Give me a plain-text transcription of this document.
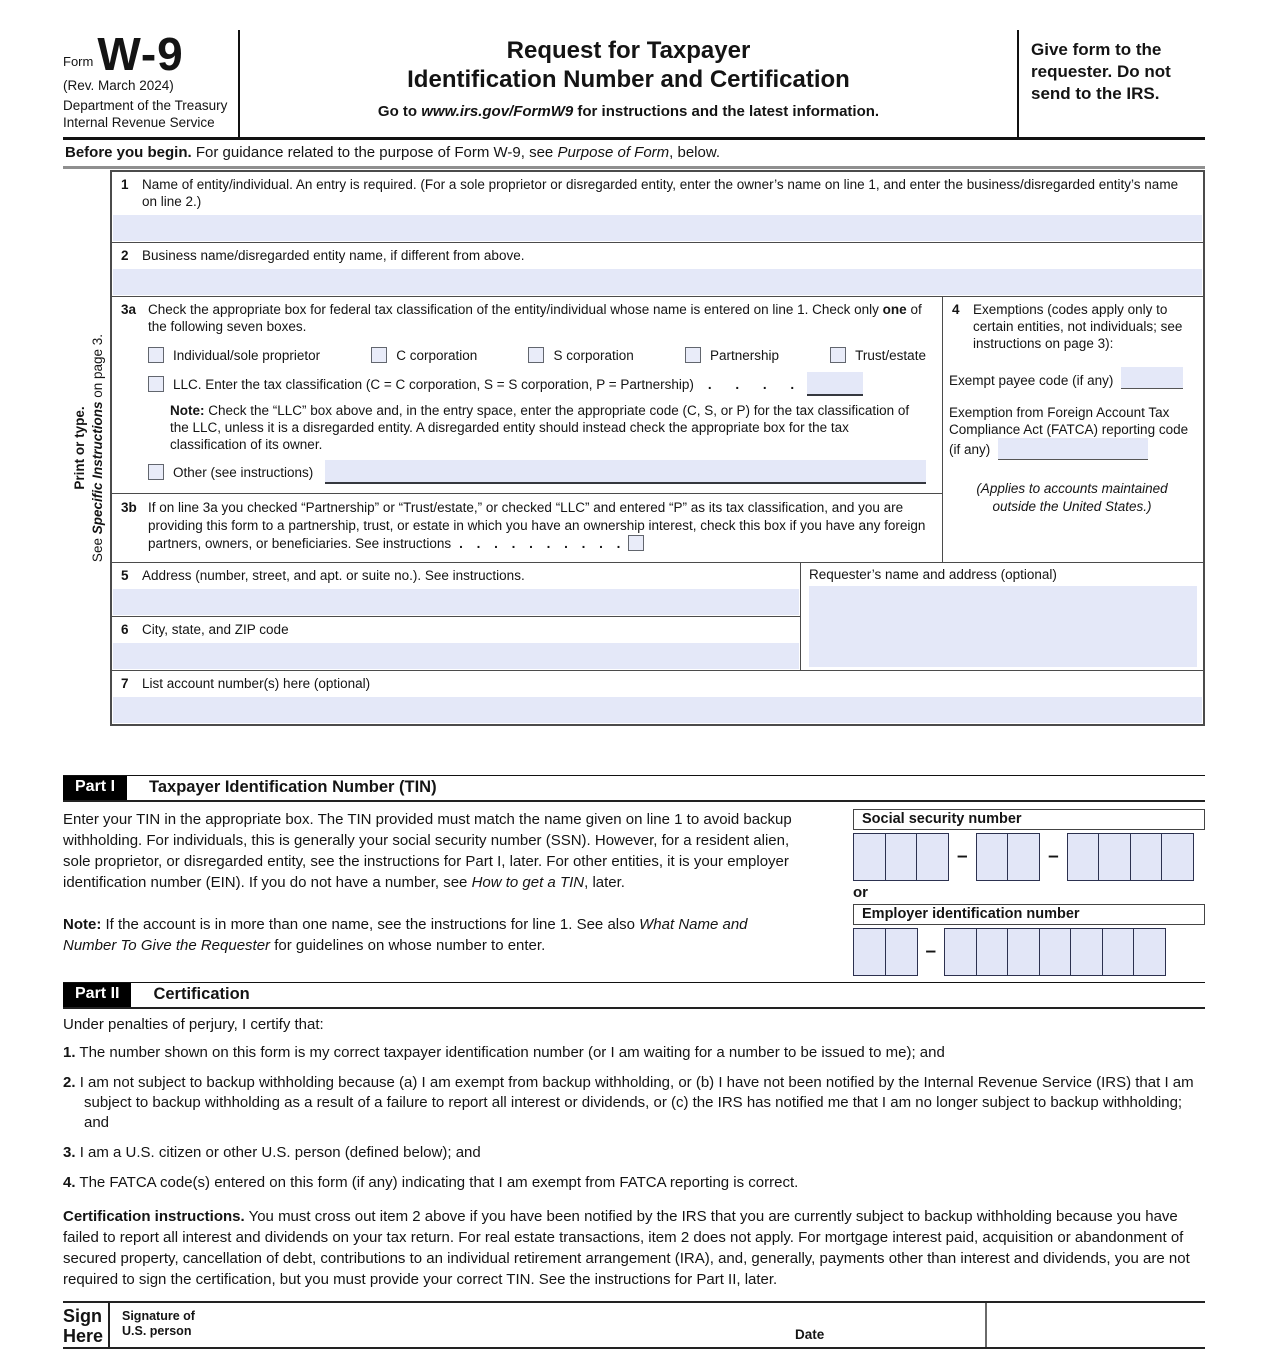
Form W-9
(Rev. March 2024)
Department of the Treasury
Internal Revenue Service
Request for Taxpayer
Identification Number and Certification
Go to www.irs.gov/FormW9 for instructions and the latest information.
Give form to the requester. Do not send to the IRS.
Before you begin. For guidance related to the purpose of Form W-9, see Purpose of Form, below.
Print or type.
See Specific Instructions on page 3.
1 Name of entity/individual. An entry is required. (For a sole proprietor or disregarded entity, enter the owner’s name on line 1, and enter the business/disregarded entity’s name on line 2.)
2 Business name/disregarded entity name, if different from above.
3a Check the appropriate box for federal tax classification of the entity/individual whose name is entered on line 1. Check only one of the following seven boxes.
Individual/sole proprietor	C corporation	S corporation	Partnership	Trust/estate
LLC. Enter the tax classification (C = C corporation, S = S corporation, P = Partnership) . . . .
Note: Check the “LLC” box above and, in the entry space, enter the appropriate code (C, S, or P) for the tax classification of the LLC, unless it is a disregarded entity. A disregarded entity should instead check the appropriate box for the tax classification of its owner.
Other (see instructions)
3b If on line 3a you checked “Partnership” or “Trust/estate,” or checked “LLC” and entered “P” as its tax classification, and you are providing this form to a partnership, trust, or estate in which you have an ownership interest, check this box if you have any foreign partners, owners, or beneficiaries. See instructions . . . . . . . . . .
4 Exemptions (codes apply only to certain entities, not individuals; see instructions on page 3):
Exempt payee code (if any)
Exemption from Foreign Account Tax Compliance Act (FATCA) reporting code (if any)
(Applies to accounts maintained outside the United States.)
5 Address (number, street, and apt. or suite no.). See instructions.
6 City, state, and ZIP code
Requester’s name and address (optional)
7 List account number(s) here (optional)
Part I	Taxpayer Identification Number (TIN)
Enter your TIN in the appropriate box. The TIN provided must match the name given on line 1 to avoid backup withholding. For individuals, this is generally your social security number (SSN). However, for a resident alien, sole proprietor, or disregarded entity, see the instructions for Part I, later. For other entities, it is your employer identification number (EIN). If you do not have a number, see How to get a TIN, later.
Note: If the account is in more than one name, see the instructions for line 1. See also What Name and Number To Give the Requester for guidelines on whose number to enter.
Social security number
–	–
or
Employer identification number
–
Part II	Certification
Under penalties of perjury, I certify that:
1. The number shown on this form is my correct taxpayer identification number (or I am waiting for a number to be issued to me); and
2. I am not subject to backup withholding because (a) I am exempt from backup withholding, or (b) I have not been notified by the Internal Revenue Service (IRS) that I am subject to backup withholding as a result of a failure to report all interest or dividends, or (c) the IRS has notified me that I am no longer subject to backup withholding; and
3. I am a U.S. citizen or other U.S. person (defined below); and
4. The FATCA code(s) entered on this form (if any) indicating that I am exempt from FATCA reporting is correct.
Certification instructions. You must cross out item 2 above if you have been notified by the IRS that you are currently subject to backup withholding because you have failed to report all interest and dividends on your tax return. For real estate transactions, item 2 does not apply. For mortgage interest paid, acquisition or abandonment of secured property, cancellation of debt, contributions to an individual retirement arrangement (IRA), and, generally, payments other than interest and dividends, you are not required to sign the certification, but you must provide your correct TIN. See the instructions for Part II, later.
Sign
Here
Signature of
U.S. person	Date
